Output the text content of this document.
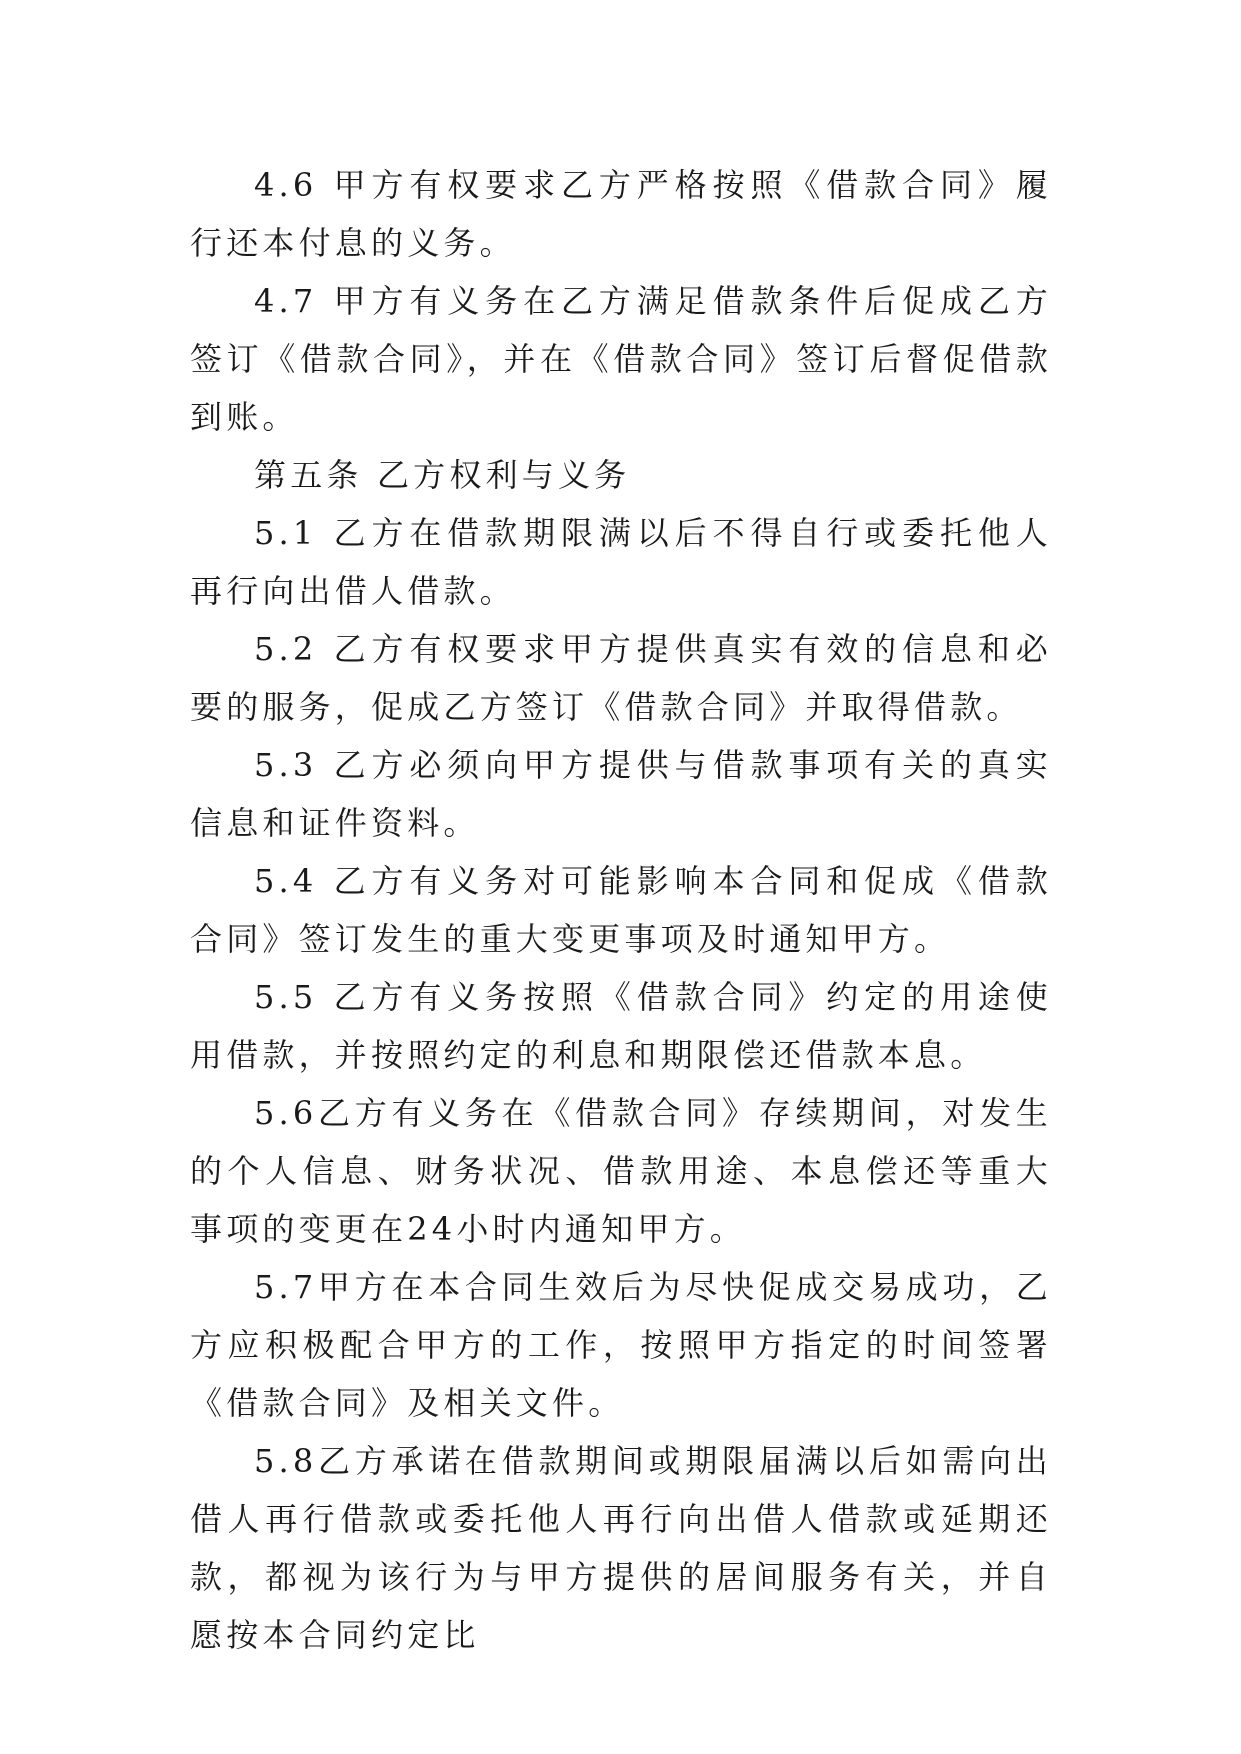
4.6 甲方有权要求乙方严格按照《借款合同》履行还本付息的义务。

4.7 甲方有义务在乙方满足借款条件后促成乙方签订《借款合同》，并在《借款合同》签订后督促借款到账。

第五条 乙方权利与义务

5.1 乙方在借款期限满以后不得自行或委托他人再行向出借人借款。

5.2 乙方有权要求甲方提供真实有效的信息和必要的服务，促成乙方签订《借款合同》并取得借款。

5.3 乙方必须向甲方提供与借款事项有关的真实信息和证件资料。

5.4 乙方有义务对可能影响本合同和促成《借款合同》签订发生的重大变更事项及时通知甲方。

5.5 乙方有义务按照《借款合同》约定的用途使用借款，并按照约定的利息和期限偿还借款本息。

5.6乙方有义务在《借款合同》存续期间，对发生的个人信息、财务状况、借款用途、本息偿还等重大事项的变更在24小时内通知甲方。

5.7甲方在本合同生效后为尽快促成交易成功，乙方应积极配合甲方的工作，按照甲方指定的时间签署《借款合同》及相关文件。

5.8乙方承诺在借款期间或期限届满以后如需向出借人再行借款或委托他人再行向出借人借款或延期还款，都视为该行为与甲方提供的居间服务有关，并自愿按本合同约定比
